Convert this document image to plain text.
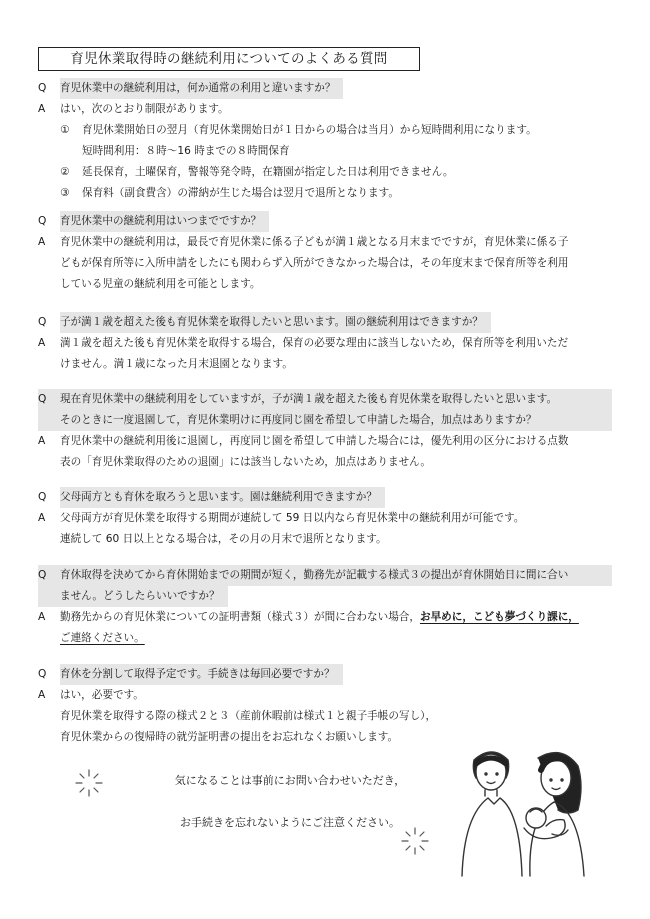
育児休業取得時の継続利用についてのよくある質問
Q	育児休業中の継続利用は，何か通常の利用と違いますか？
A	はい，次のとおり制限があります。
①	育児休業開始日の翌月（育児休業開始日が１日からの場合は当月）から短時間利用になります。
短時間利用：８時～16 時までの８時間保育
②	延長保育，土曜保育，警報等発令時，在籍園が指定した日は利用できません。
③	保育料（副食費含）の滞納が生じた場合は翌月で退所となります。
Q	育児休業中の継続利用はいつまでですか？
A	育児休業中の継続利用は，最長で育児休業に係る子どもが満１歳となる月末までですが，育児休業に係る子
どもが保育所等に入所申請をしたにも関わらず入所ができなかった場合は，その年度末まで保育所等を利用
している児童の継続利用を可能とします。
Q	子が満１歳を超えた後も育児休業を取得したいと思います。園の継続利用はできますか？
A	満１歳を超えた後も育児休業を取得する場合，保育の必要な理由に該当しないため，保育所等を利用いただ
けません。満１歳になった月末退園となります。
Q	現在育児休業中の継続利用をしていますが，子が満１歳を超えた後も育児休業を取得したいと思います。
そのときに一度退園して，育児休業明けに再度同じ園を希望して申請した場合，加点はありますか？
A	育児休業中の継続利用後に退園し，再度同じ園を希望して申請した場合には，優先利用の区分における点数
表の「育児休業取得のための退園」には該当しないため，加点はありません。
Q	父母両方とも育休を取ろうと思います。園は継続利用できますか？
A	父母両方が育児休業を取得する期間が連続して 59 日以内なら育児休業中の継続利用が可能です。
連続して 60 日以上となる場合は，その月の月末で退所となります。
Q	育休取得を決めてから育休開始までの期間が短く，勤務先が記載する様式３の提出が育休開始日に間に合い
ません。どうしたらいいですか？
A	勤務先からの育児休業についての証明書類（様式３）が間に合わない場合，お早めに，こども夢づくり課に，
ご連絡ください。
Q	育休を分割して取得予定です。手続きは毎回必要ですか？
A	はい，必要です。
育児休業を取得する際の様式２と３（産前休暇前は様式１と親子手帳の写し），
育児休業からの復帰時の就労証明書の提出をお忘れなくお願いします。
気になることは事前にお問い合わせいただき，
お手続きを忘れないようにご注意ください。
